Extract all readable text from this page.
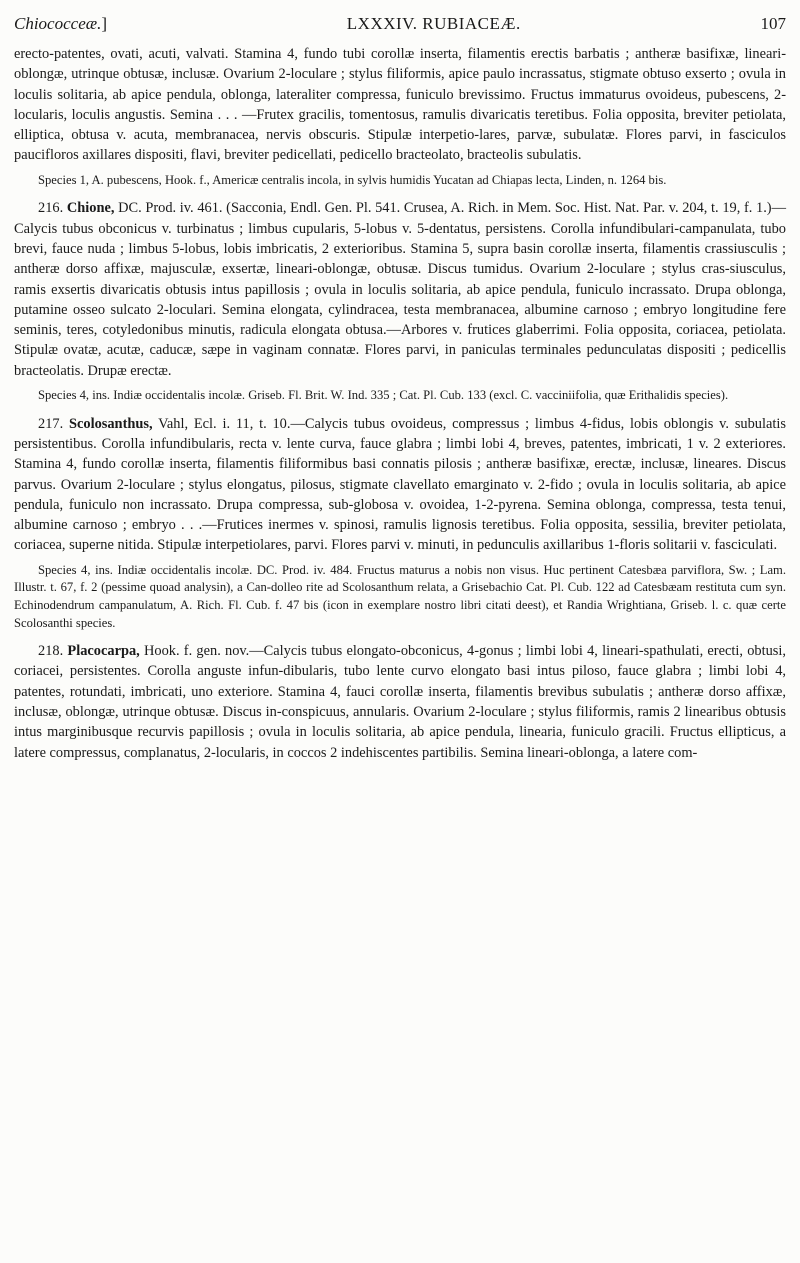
Chiococceæ.]	LXXXIV. RUBIACEÆ.	107

erecto-patentes, ovati, acuti, valvati. Stamina 4, fundo tubi corollæ inserta, filamentis erectis barbatis ; antheræ basifixæ, lineari-oblongæ, utrinque obtusæ, inclusæ. Ovarium 2-loculare ; stylus filiformis, apice paulo incrassatus, stigmate obtuso exserto ; ovula in loculis solitaria, ab apice pendula, oblonga, lateraliter compressa, funiculo brevissimo. Fructus immaturus ovoideus, pubescens, 2-locularis, loculis angustis. Semina . . . —Frutex gracilis, tomentosus, ramulis divaricatis teretibus. Folia opposita, breviter petiolata, elliptica, obtusa v. acuta, membranacea, nervis obscuris. Stipulæ interpetio-lares, parvæ, subulatæ. Flores parvi, in fasciculos paucifloros axillares dispositi, flavi, breviter pedicellati, pedicello bracteolato, bracteolis subulatis.

Species 1, A. pubescens, Hook. f., Americæ centralis incola, in sylvis humidis Yucatan ad Chiapas lecta, Linden, n. 1264 bis.

216. Chione, DC. Prod. iv. 461. (Sacconia, Endl. Gen. Pl. 541. Crusea, A. Rich. in Mem. Soc. Hist. Nat. Par. v. 204, t. 19, f. 1.)—Calycis tubus obconicus v. turbinatus ; limbus cupularis, 5-lobus v. 5-dentatus, persistens. Corolla infundibulari-campanulata, tubo brevi, fauce nuda ; limbus 5-lobus, lobis imbricatis, 2 exterioribus. Stamina 5, supra basin corollæ inserta, filamentis crassiusculis ; antheræ dorso affixæ, majusculæ, exsertæ, lineari-oblongæ, obtusæ. Discus tumidus. Ovarium 2-loculare ; stylus cras-siusculus, ramis exsertis divaricatis obtusis intus papillosis ; ovula in loculis solitaria, ab apice pendula, funiculo incrassato. Drupa oblonga, putamine osseo sulcato 2-loculari. Semina elongata, cylindracea, testa membranacea, albumine carnoso ; embryo longitudine fere seminis, teres, cotyledonibus minutis, radicula elongata obtusa.—Arbores v. frutices glaberrimi. Folia opposita, coriacea, petiolata. Stipulæ ovatæ, acutæ, caducæ, sæpe in vaginam connatæ. Flores parvi, in paniculas terminales pedunculatas dispositi ; pedicellis bracteolatis. Drupæ erectæ.

Species 4, ins. Indiæ occidentalis incolæ. Griseb. Fl. Brit. W. Ind. 335 ; Cat. Pl. Cub. 133 (excl. C. vacciniifolia, quæ Erithalidis species).

217. Scolosanthus, Vahl, Ecl. i. 11, t. 10.—Calycis tubus ovoideus, compressus ; limbus 4-fidus, lobis oblongis v. subulatis persistentibus. Corolla infundibularis, recta v. lente curva, fauce glabra ; limbi lobi 4, breves, patentes, imbricati, 1 v. 2 exteriores. Stamina 4, fundo corollæ inserta, filamentis filiformibus basi connatis pilosis ; antheræ basifixæ, erectæ, inclusæ, lineares. Discus parvus. Ovarium 2-loculare ; stylus elongatus, pilosus, stigmate clavellato emarginato v. 2-fido ; ovula in loculis solitaria, ab apice pendula, funiculo non incrassato. Drupa compressa, sub-globosa v. ovoidea, 1-2-pyrena. Semina oblonga, compressa, testa tenui, albumine carnoso ; embryo . . .—Frutices inermes v. spinosi, ramulis lignosis teretibus. Folia opposita, sessilia, breviter petiolata, coriacea, superne nitida. Stipulæ interpetiolares, parvi. Flores parvi v. minuti, in pedunculis axillaribus 1-floris solitarii v. fasciculati.

Species 4, ins. Indiæ occidentalis incolæ. DC. Prod. iv. 484. Fructus maturus a nobis non visus. Huc pertinent Catesbæa parviflora, Sw. ; Lam. Illustr. t. 67, f. 2 (pessime quoad analysin), a Can-dolleo rite ad Scolosanthum relata, a Grisebachio Cat. Pl. Cub. 122 ad Catesbæam restituta cum syn. Echinodendrum campanulatum, A. Rich. Fl. Cub. f. 47 bis (icon in exemplare nostro libri citati deest), et Randia Wrightiana, Griseb. l. c. quæ certe Scolosanthi species.

218. Placocarpa, Hook. f. gen. nov.—Calycis tubus elongato-obconicus, 4-gonus ; limbi lobi 4, lineari-spathulati, erecti, obtusi, coriacei, persistentes. Corolla anguste infun-dibularis, tubo lente curvo elongato basi intus piloso, fauce glabra ; limbi lobi 4, patentes, rotundati, imbricati, uno exteriore. Stamina 4, fauci corollæ inserta, filamentis brevibus subulatis ; antheræ dorso affixæ, inclusæ, oblongæ, utrinque obtusæ. Discus in-conspicuus, annularis. Ovarium 2-loculare ; stylus filiformis, ramis 2 linearibus obtusis intus marginibusque recurvis papillosis ; ovula in loculis solitaria, ab apice pendula, linearia, funiculo gracili. Fructus ellipticus, a latere compressus, complanatus, 2-locularis, in coccos 2 indehiscentes partibilis. Semina lineari-oblonga, a latere com-
